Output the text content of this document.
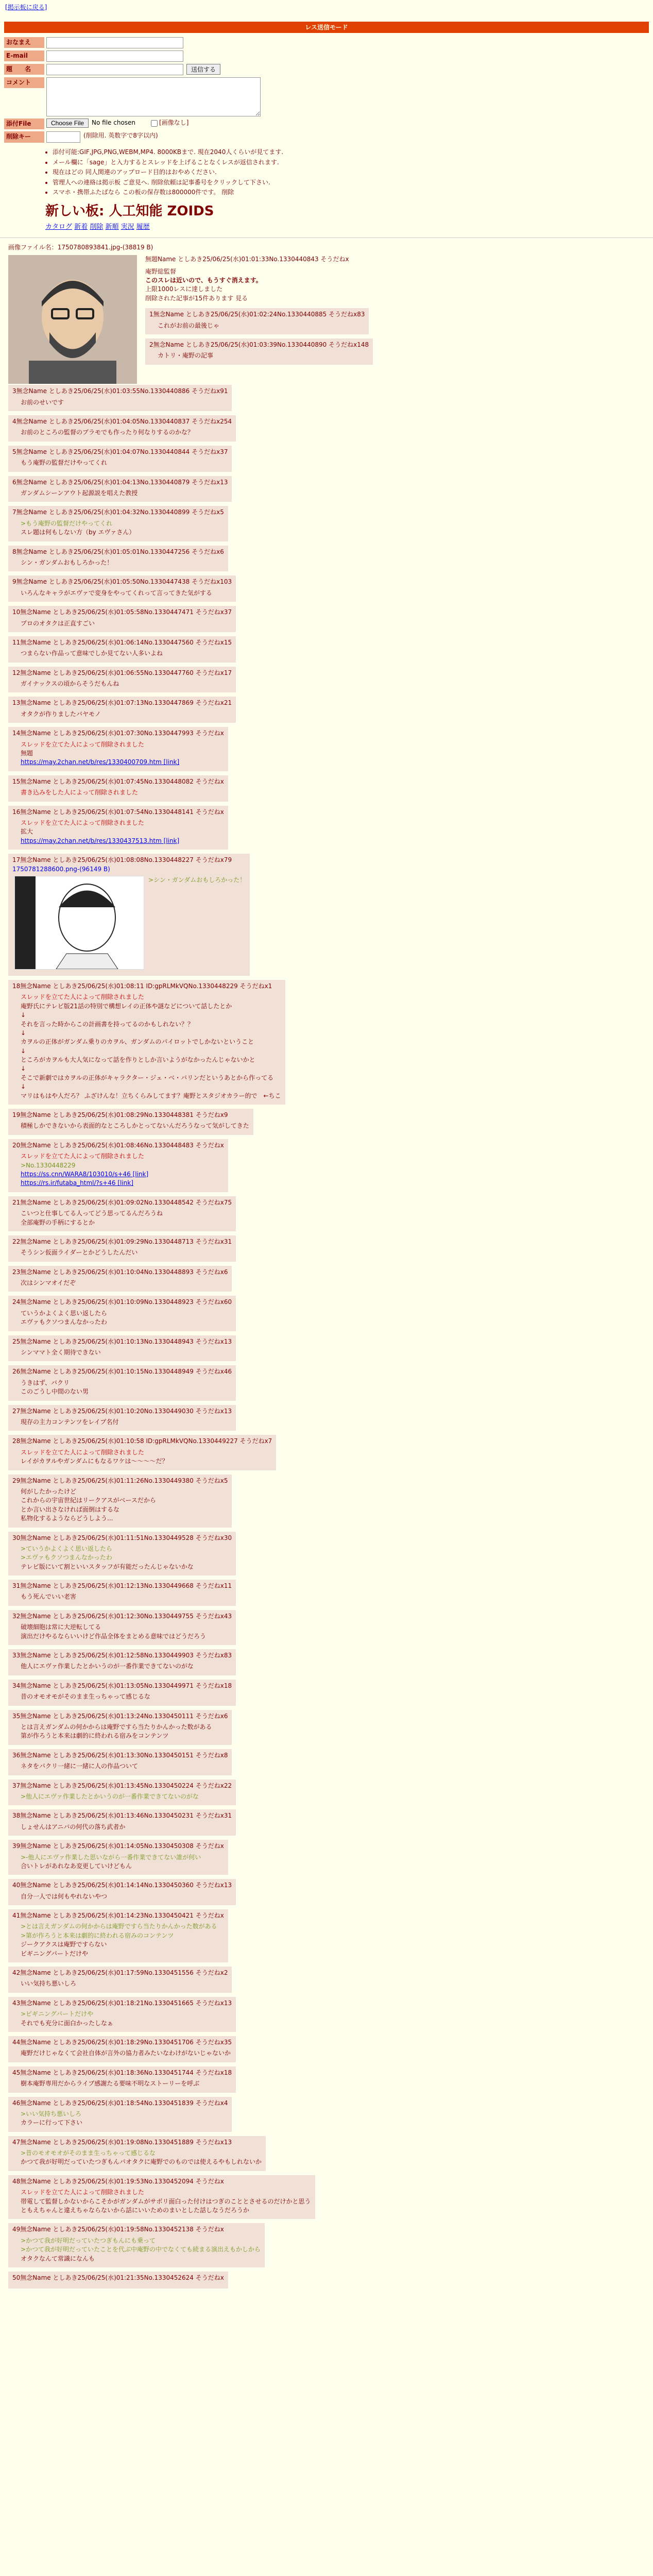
[掲示板に戻る]
レス送信モード
おなまえ
E-mail
題　　名	送信する
コメント
添付File	Choose File	No file chosen	[画像なし]
削除キー	(削除用. 英数字で8字以内)
• 添付可能:GIF,JPG,PNG,WEBM,MP4. 8000KBまで. 現在2040人くらいが見てます.
• メール欄に「sage」と入力するとスレッドを上げることなくレスが返信されます.
• 現在はどの 同人関連のアップロード目的はおやめください.
• 管理人への連絡は掲示板 ご意見へ. 削除依頼は記事番号をクリックして下さい.
• スマホ・携帯ふたばなら この板の保存数は800000件です。 削除
新しい板: 人工知能 ZOIDS
カタログ 新着 削除 新順 実況 履歴
画像ファイル名：1750780893841.jpg-(38819 B)
無題Name としあき25/06/25(水)01:01:33No.1330440843 そうだねx
庵野総監督
このスレは近いので、もうすぐ消えます。
上限1000レスに達しました
削除された記事が15件あります 見る
1無念Name としあき25/06/25(水)01:02:24No.1330440885 そうだねx83
これがお前の最後じゃ
2無念Name としあき25/06/25(水)01:03:39No.1330440890 そうだねx148
カトリ・庵野の記事
3無念Name としあき25/06/25(水)01:03:55No.1330440886 そうだねx91
お前のせいです
4無念Name としあき25/06/25(水)01:04:05No.1330440837 そうだねx254
お前のところの監督のプラモでも作ったり何なりするのかな？
5無念Name としあき25/06/25(水)01:04:07No.1330440844 そうだねx37
もう庵野の監督だけやってくれ
6無念Name としあき25/06/25(水)01:04:13No.1330440879 そうだねx13
ガンダムシーンアウト起源説を唱えた教授
7無念Name としあき25/06/25(水)01:04:32No.1330440899 そうだねx5
>もう庵野の監督だけやってくれ
スレ題は何もしない方（by エヴァさん）
8無念Name としあき25/06/25(水)01:05:01No.1330447256 そうだねx6
シン・ガンダムおもしろかった！
9無念Name としあき25/06/25(水)01:05:50No.1330447438 そうだねx103
いろんなキャラがエヴァで変身をやってくれって言ってきた気がする
10無念Name としあき25/06/25(水)01:05:58No.1330447471 そうだねx37
プロのオタクは正直すごい
11無念Name としあき25/06/25(水)01:06:14No.1330447560 そうだねx15
つまらない作品って意味でしか見てない人多いよね
12無念Name としあき25/06/25(水)01:06:55No.1330447760 そうだねx17
ガイナックスの頃からそうだもんね
13無念Name としあき25/06/25(水)01:07:13No.1330447869 そうだねx21
オタクが作りましたバヤモノ
14無念Name としあき25/06/25(水)01:07:30No.1330447993 そうだねx
スレッドを立てた人によって削除されました
無題
https://may.2chan.net/b/res/1330400709.htm [link]
15無念Name としあき25/06/25(水)01:07:45No.1330448082 そうだねx
書き込みをした人によって削除されました
16無念Name としあき25/06/25(水)01:07:54No.1330448141 そうだねx
スレッドを立てた人によって削除されました
拡大
https://may.2chan.net/b/res/1330437513.htm [link]
17無念Name としあき25/06/25(水)01:08:08No.1330448227 そうだねx79
1750781288600.png-(96149 B)
>シン・ガンダムおもしろかった！
18無念Name としあき25/06/25(水)01:08:11 ID:gpRLMkVQNo.1330448229 そうだねx1
スレッドを立てた人によって削除されました
庵野氏にテレビ版21話の特別で構想レイの正体や謎などについて話したとか
↓
それを言った時からこの計画書を持ってるのかもしれない？？
↓
カヲルの正体がガンダム乗りのカヲル、ガンダムのパイロットでしかないということ
↓
ところがカヲルも大人気になって話を作りとしか言いようがなかったんじゃないかと
↓
そこで新劇ではカヲルの正体がキャラクター・ジェ・ベ・バリンだというあとから作ってる
↓
マリはもはや人だろ？ ふざけんな！立ちくらみしてます？庵野とスタジオカラー的で　←ちこ
19無念Name としあき25/06/25(水)01:08:29No.1330448381 そうだねx9
積極しかできないから表面的なところしかとってないんだろうなって気がしてきた
20無念Name としあき25/06/25(水)01:08:46No.1330448483 そうだねx
スレッドを立てた人によって削除されました
>No.1330448229
https://ss.cnn/WARA8/103010/s+46 [link]
https://rs.ir/futaba_html/?s+46 [link]
21無念Name としあき25/06/25(水)01:09:02No.1330448542 そうだねx75
こいつと仕事してる人ってどう思ってるんだろうね
全部庵野の手柄にするとか
22無念Name としあき25/06/25(水)01:09:29No.1330448713 そうだねx31
そうシン仮面ライダーとかどうしたんだい
23無念Name としあき25/06/25(水)01:10:04No.1330448893 そうだねx6
次はシンマオイだぞ
24無念Name としあき25/06/25(水)01:10:09No.1330448923 そうだねx60
ていうかよくよく思い返したら
エヴァもクソつまんなかったわ
25無念Name としあき25/06/25(水)01:10:13No.1330448943 そうだねx13
シンママト全く期待できない
26無念Name としあき25/06/25(水)01:10:15No.1330448949 そうだねx46
うきはず、バクリ
このごうし中間のない男
27無念Name としあき25/06/25(水)01:10:20No.1330449030 そうだねx13
現存の主力コンテンツをレイプ名付
28無念Name としあき25/06/25(水)01:10:58 ID:gpRLMkVQNo.1330449227 そうだねx7
スレッドを立てた人によって削除されました
レイがカヲルやガンダムにもなるワケは〜〜〜〜だ？
29無念Name としあき25/06/25(水)01:11:26No.1330449380 そうだねx5
何がしたかったけど
これからの宇宙世紀はリークアスがベースだから
とか言い出さなければ面倒はするな
私物化するようならどうしよう...
30無念Name としあき25/06/25(水)01:11:51No.1330449528 そうだねx30
>ていうかよくよく思い返したら
>エヴァもクソつまんなかったわ
テレビ版にいて割といいスタッフが有能だったんじゃないかな
31無念Name としあき25/06/25(水)01:12:13No.1330449668 そうだねx11
もう死んでいい老害
32無念Name としあき25/06/25(水)01:12:30No.1330449755 そうだねx43
破壊細胞は常に大逆転してる
演出だけやるならいいけど作品全体をまとめる意味ではどうだろう
33無念Name としあき25/06/25(水)01:12:58No.1330449903 そうだねx83
他人にエヴァ作業したとかいうのが一番作業できてないのがな
34無念Name としあき25/06/25(水)01:13:05No.1330449971 そうだねx18
昔のオモオモがそのまま生っちゃって感じるな
35無念Name としあき25/06/25(水)01:13:24No.1330450111 そうだねx6
とは言えガンダムの何かからは庵野ですら当たりかんかった数がある
第が作ろうと本来は劇的に終われる宿みをコンテンツ
36無念Name としあき25/06/25(水)01:13:30No.1330450151 そうだねx8
ネタをパクリ一緒に一緒に人の作品ついて
37無念Name としあき25/06/25(水)01:13:45No.1330450224 そうだねx22
>他人にエヴァ作業したとかいうのが一番作業できてないのがな
38無念Name としあき25/06/25(水)01:13:46No.1330450231 そうだねx31
しょせんはアニバの何代の落ち武者か
39無念Name としあき25/06/25(水)01:14:05No.1330450308 そうだねx
>-他人にエヴァ作業した思いながら一番作業できてない誰が何い
合いトレがあれなあ変更していけどもん
40無念Name としあき25/06/25(水)01:14:14No.1330450360 そうだねx13
自分一人では何もやれないやつ
41無念Name としあき25/06/25(水)01:14:23No.1330450421 そうだねx
>とは言えガンダムの何かからは庵野ですら当たりかんかった数がある
>第が作ろうと本来は劇的に終われる宿みのコンテンツ
ジークアクスは庵野ですらない
ビギニングパートだけや
42無念Name としあき25/06/25(水)01:17:59No.1330451556 そうだねx2
いい気持ち悪いしろ
43無念Name としあき25/06/25(水)01:18:21No.1330451665 そうだねx13
>ビギニングパートだけや
それでも充分に面白かったしなぁ
44無念Name としあき25/06/25(水)01:18:29No.1330451706 そうだねx35
庵野だけじゃなくて会社自体が言外の協力者みたいなわけがないじゃないか
45無念Name としあき25/06/25(水)01:18:36No.1330451744 そうだねx18
樹本庵野専用だからライブ感謝たる要味不明なストーリーを呼ぶ
46無念Name としあき25/06/25(水)01:18:54No.1330451839 そうだねx4
>いい気持ち悪いしろ
カラーに行って下さい
47無念Name としあき25/06/25(水)01:19:08No.1330451889 そうだねx13
>昔のモオモオがそのまま生っちゃって感じるな
かつて我が好明だっていたつぎもんパオタクに庵野でのものでは使えるやもしれないか
48無念Name としあき25/06/25(水)01:19:53No.1330452094 そうだねx
スレッドを立てた人によって削除されました
帯電して監督しかないからこそかがガンダムがサボリ面白った付けはつぎのこととさせるのだけかと思う
ともえちゃんと違えちゃならないから話にいいためのまいとした話しなうだろうか
49無念Name としあき25/06/25(水)01:19:58No.1330452138 そうだねx
>かつて我が好明だっていたつぎもんにも乗って
>かつて我が好明だっていたことを代ぶ中庵野の中でなくても続まる演出えもかしから
オタクなんて常識になんも
50無念Name としあき25/06/25(水)01:21:35No.1330452624 そうだねx
